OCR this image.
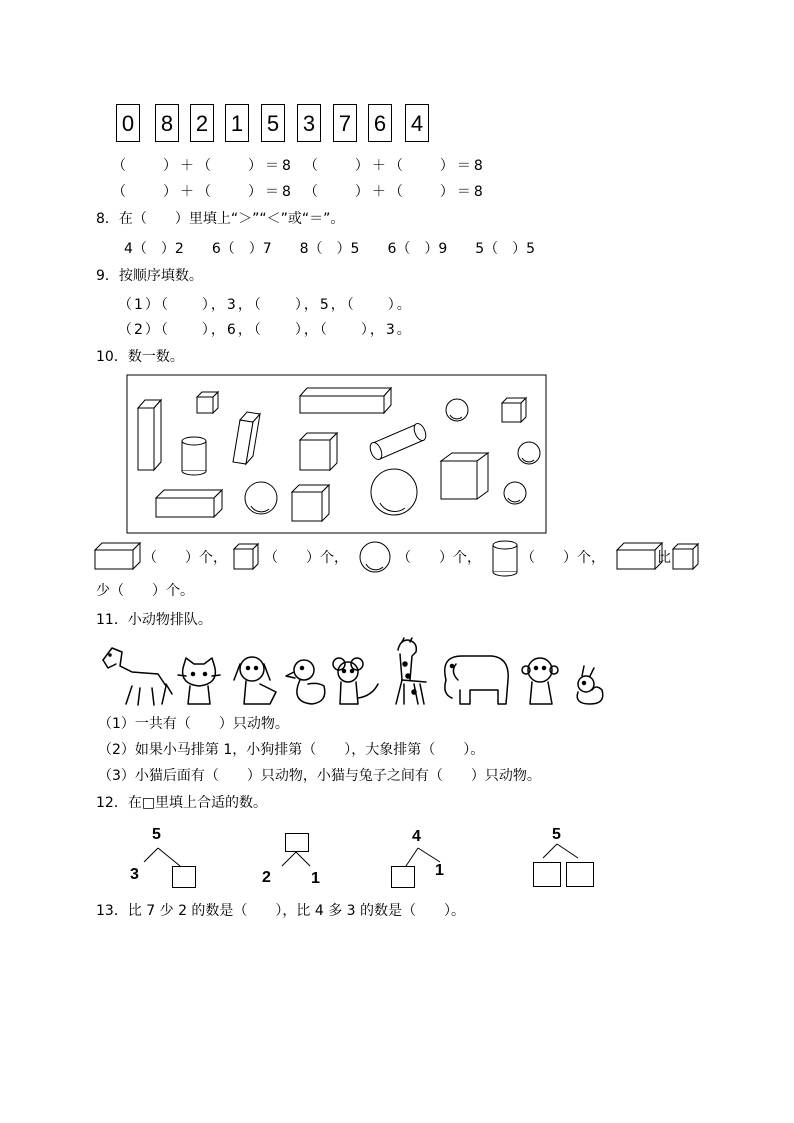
0 8 2 1 5 3 7 6 4
（　　）＋（　　）＝8　（　　）＋（　　）＝8
（　　）＋（　　）＝8　（　　）＋（　　）＝8
8．在（　　）里填上“＞”“＜”或“＝”。
4（　）2　　6（　）7　　8（　）5　　6（　）9　　5（　）5
9．按顺序填数。
（1）（　　），3，（　　），5，（　　）。
（2）（　　），6，（　　），（　　），3。
10．数一数。
（　　）个，	（　　）个，	（　　）个，	（　　）个，	比
少（　　）个。
11．小动物排队。
（1）一共有（　　）只动物。
（2）如果小马排第 1，小狗排第（　　），大象排第（　　）。
（3）小猫后面有（　　）只动物，小猫与兔子之间有（　　）只动物。
12．在□里填上合适的数。
5
3	2	1
4
1
5
13．比 7 少 2 的数是（　　），比 4 多 3 的数是（　　）。
